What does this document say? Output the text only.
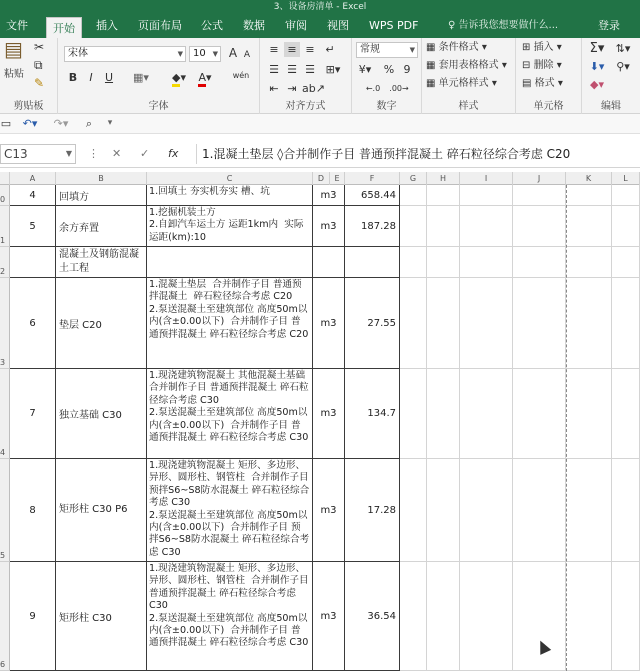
3、设备房清单 - Excel
文件	开始	插入	页面布局	公式	数据	审阅	视图	WPS PDF	♀ 告诉我您想要做什么...	登录
▤
粘贴
✂
⧉
✎
剪贴板
宋体	▼	10 ▼ A A
B	I	U ▦▾	◆▾	A▾	wén
字体
≡ ≡ ≡ ↵
☰ ☰ ☰ ⊞▾
⇤ ⇥ ab↗
对齐方式
常规	▼
¥▾ % 9
←.0	.00→
数字
▦ 条件格式 ▾
▦ 套用表格格式 ▾
▦ 单元格样式 ▾
样式
⊞ 插入 ▾
⊟ 删除 ▾
▤ 格式 ▾
单元格
Σ▾	⇅▾
⬇▾	⚲▾
◆▾
编辑
▭	↶▾	↷▾	⌕	▾
C13	▼ ⋮ ✕ ✓ fx	1.混凝土垫层 ◊合并制作子目 普通预拌混凝土 碎石粒径综合考虑 C20
A	B	C	D	E	F	G	H	I	J	K	L
0	4	回填方	1.回填土 夯实机夯实 槽、坑	m3	658.44
1
5	余方弃置
1.挖掘机装土方
2.自卸汽车运土方 运距1km内  实际运距(km):10
m3	187.28
2
混凝土及钢筋混凝土工程
3
6	垫层 C20
1.混凝土垫层  合并制作子目 普通预拌混凝土  碎石粒径综合考虑 C20
2.泵送混凝土至建筑部位 高度50m以内(含±0.00以下)  合并制作子目 普通预拌混凝土 碎石粒径综合考虑 C20
m3	27.55
4
7	独立基础 C30
1.现浇建筑物混凝土 其他混凝土基础  合并制作子目 普通预拌混凝土 碎石粒径综合考虑 C30
2.泵送混凝土至建筑部位 高度50m以内(含±0.00以下)  合并制作子目 普通预拌混凝土 碎石粒径综合考虑 C30
m3	134.7
5
8	矩形柱 C30 P6
1.现浇建筑物混凝土 矩形、多边形、异形、圆形柱、钢管柱  合并制作子目 预拌S6~S8防水混凝土 碎石粒径综合考虑 C30
2.泵送混凝土至建筑部位 高度50m以内(含±0.00以下)  合并制作子目 预拌S6~S8防水混凝土 碎石粒径综合考虑 C30
m3	17.28
6
9	矩形柱 C30
1.现浇建筑物混凝土 矩形、多边形、异形、圆形柱、钢管柱  合并制作子目 普通预拌混凝土 碎石粒径综合考虑 C30
2.泵送混凝土至建筑部位 高度50m以内(含±0.00以下)  合并制作子目 普通预拌混凝土 碎石粒径综合考虑 C30
m3	36.54
